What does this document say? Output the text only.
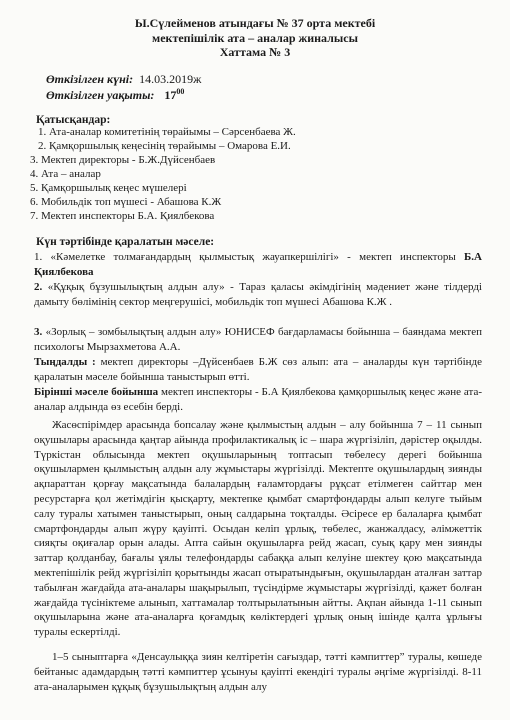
Ы.Сүлейменов атындағы № 37 орта мектебі
мектепішілік ата – аналар жиналысы
Хаттама № 3
Өткізілген күні: 14.03.2019ж
Өткізілген уақыты: $17^{00}$
Қатысқандар:
1. Ата-аналар комитетінің төрайымы – Сәрсенбаева Ж.
2. Қамқоршылық кеңесінің төрайымы – Омарова Е.И.
3. Мектеп директоры - Б.Ж.Дүйсенбаев
4. Ата – аналар
5. Қамқоршылық кеңес мүшелері
6. Мобильдік топ мүшесі - Абашова К.Ж
7. Мектеп инспекторы Б.А. Қиялбекова
Күн тәртібінде қаралатын мәселе:

1. «Кәмелетке толмағандардың қылмыстық жауапкершілігі» - мектеп инспекторы Б.А Қиялбекова

2. «Құқық бұзушылықтың алдын алу» - Тараз қаласы әкімдігінің мәдениет және тілдерді дамыту бөлімінің сектор меңгерушісі, мобильдік топ мүшесі Абашова К.Ж .

3. «Зорлық – зомбылықтың алдын алу» ЮНИСЕФ бағдарламасы бойынша – баяндама мектеп психологы Мырзахметова А.А.

Тыңдалды : мектеп директоры –Дүйсенбаев Б.Ж сөз алып: ата – аналарды күн тәртібінде қаралатын мәселе бойынша таныстырып өтті.

Бірінші мәселе бойынша мектеп инспекторы - Б.А Қиялбекова қамқоршылық кеңес және ата-аналар алдында өз есебін берді.

Жасөспірімдер арасында бопсалау және қылмыстың алдын – алу бойынша 7 – 11 сынып оқушылары арасында қаңтар айында профилактикалық іс – шара жүргізіліп, дәрістер оқылды. Түркістан облысында мектеп оқушыларының топтасып төбелесу дерегі бойынша оқушылармен қылмыстың алдын алу жұмыстары жүргізілді. Мектепте оқушылардың зиянды ақпараттан қорғау мақсатында балалардың ғаламтордағы рұқсат етілмеген сайттар мен ресурстарға қол жетімдігін қысқарту, мектепке қымбат смартфондарды алып келуге тыйым салу туралы хатымен таныстырып, оның салдарына тоқталды. Әсіресе ер балаларға қымбат смартфондарды алып жүру қауіпті. Осыдан келіп ұрлық, төбелес, жанжалдасу, әлімжеттік сияқты оқиғалар орын алады. Апта сайын оқушыларға рейд жасап, суық қару мен зиянды заттар қолданбау, бағалы ұялы телефондарды сабаққа алып келуіне шектеу қою мақсатында мектепішілік рейд жүргізіліп қорытынды жасап отыратындығын, оқушылардан аталған заттар табылған жағдайда ата-аналары шақырылып, түсіндірме жұмыстары жүргізілді, қажет болған жағдайда түсініктеме алынып, хаттамалар толтырылатынын айтты. Ақпан айында 1-11 сынып оқушыларына және ата-аналарға қоғамдық көліктердегі ұрлық оның ішінде қалта ұрлығы туралы ескертілді.

1–5 сыныптарға «Денсаулыққа зиян келтіретін сағыздар, тәтті кәмпиттер” туралы, көшеде бейтаныс адамдардың тәтті кәмпиттер ұсынуы қауіпті екендігі туралы әңгіме жүргізілді. 8-11 ата-аналарымен құқық бұзушылықтың алдын алу
